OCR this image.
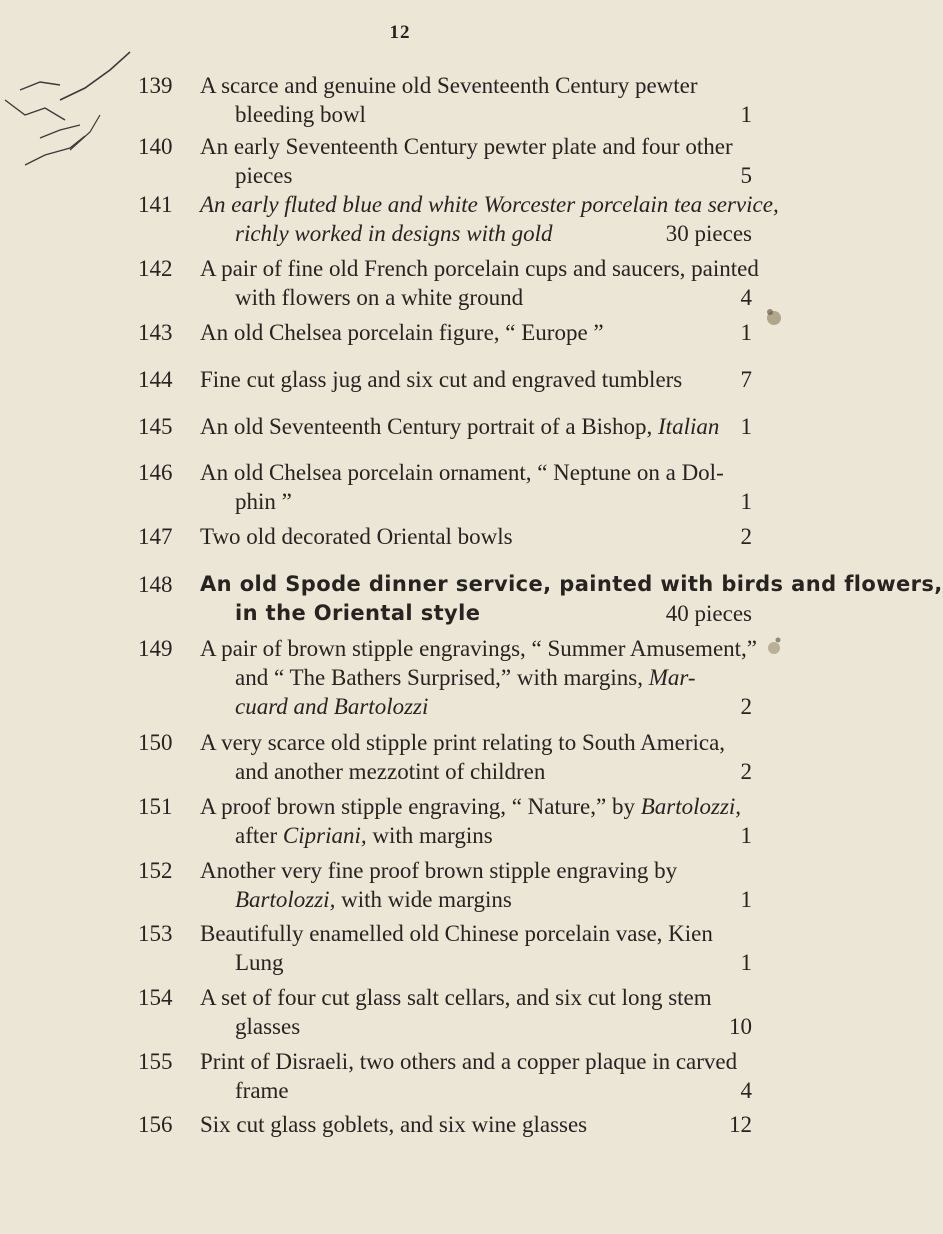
12
139	A scarce and genuine old Seventeenth Century pewter
bleeding bowl	1
140	An early Seventeenth Century pewter plate and four other
pieces	5
141	An early fluted blue and white Worcester porcelain tea service,
richly worked in designs with gold	30 pieces
142	A pair of fine old French porcelain cups and saucers, painted
with flowers on a white ground	4
143	An old Chelsea porcelain figure, “ Europe ”	1
144	Fine cut glass jug and six cut and engraved tumblers	7
145	An old Seventeenth Century portrait of a Bishop, Italian 1
146	An old Chelsea porcelain ornament, “ Neptune on a Dol-
phin ”	1
147	Two old decorated Oriental bowls	2
148	An old Spode dinner service, painted with birds and flowers,
in the Oriental style	40 pieces
149	A pair of brown stipple engravings, “ Summer Amusement,”
and “ The Bathers Surprised,” with margins,
Mar-
cuard and Bartolozzi	2
150	A very scarce old stipple print relating to South America,
and another mezzotint of children	2
151	A proof brown stipple engraving, “ Nature,” by Bartolozzi,
after Cipriani, with margins	1
152	Another very fine proof brown stipple engraving by
Bartolozzi, with wide margins	1
153	Beautifully enamelled old Chinese porcelain vase, Kien
Lung	1
154	A set of four cut glass salt cellars, and six cut long stem
glasses	10
155	Print of Disraeli, two others and a copper plaque in carved
frame	4
156	Six cut glass goblets, and six wine glasses	12
